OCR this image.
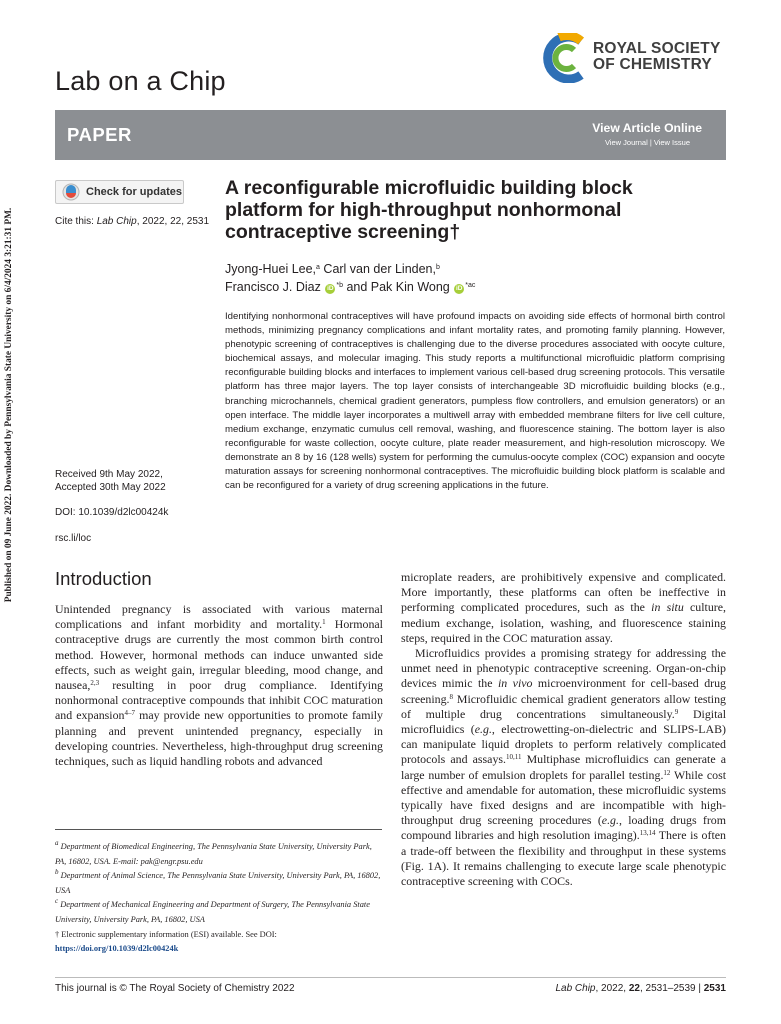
Published on 09 June 2022. Downloaded by Pennsylvania State University on 6/4/2024 3:21:31 PM.
Lab on a Chip
ROYAL SOCIETY
OF CHEMISTRY
PAPER	View Article Online
View Journal | View Issue
Check for updates
Cite this: Lab Chip, 2022, 22, 2531
Received 9th May 2022,
Accepted 30th May 2022
DOI: 10.1039/d2lc00424k
rsc.li/loc
A reconfigurable microfluidic building block platform for high-throughput nonhormonal contraceptive screening†
Jyong-Huei Lee,$^a$ Carl van der Linden,$^b$
Francisco J. Diaz iD $^{*b}$ and Pak Kin Wong iD $^{*ac}$
Identifying nonhormonal contraceptives will have profound impacts on avoiding side effects of hormonal birth control methods, minimizing pregnancy complications and infant mortality rates, and promoting family planning. However, phenotypic screening of contraceptives is challenging due to the diverse procedures associated with oocyte culture, biochemical assays, and molecular imaging. This study reports a multifunctional microfluidic platform comprising reconfigurable building blocks and interfaces to implement various cell-based drug screening protocols. This versatile platform has three major layers. The top layer consists of interchangeable 3D microfluidic building blocks (e.g., branching microchannels, chemical gradient generators, pumpless flow controllers, and emulsion generators) or an open interface. The middle layer incorporates a multiwell array with embedded membrane filters for live cell culture, medium exchange, enzymatic cumulus cell removal, washing, and fluorescence staining. The bottom layer is also reconfigurable for waste collection, oocyte culture, plate reader measurement, and high-resolution microscopy. We demonstrate an 8 by 16 (128 wells) system for performing the cumulus-oocyte complex (COC) expansion and oocyte maturation assays for screening nonhormonal contraceptives. The microfluidic building block platform is scalable and can be reconfigured for a variety of drug screening applications in the future.
Introduction

Unintended pregnancy is associated with various maternal complications and infant morbidity and mortality.$^1$ Hormonal contraceptive drugs are currently the most common birth control method. However, hormonal methods can induce unwanted side effects, such as weight gain, irregular bleeding, mood change, and nausea,$^{2,3}$ resulting in poor drug compliance. Identifying nonhormonal contraceptive compounds that inhibit COC maturation and expansion$^{4-7}$ may provide new opportunities to promote family planning and prevent unintended pregnancy, especially in developing countries. Nevertheless, high-throughput drug screening techniques, such as liquid handling robots and advanced

microplate readers, are prohibitively expensive and complicated. More importantly, these platforms can often be ineffective in performing complicated procedures, such as the in situ culture, medium exchange, isolation, washing, and fluorescence staining steps, required in the COC maturation assay.

Microfluidics provides a promising strategy for addressing the unmet need in phenotypic contraceptive screening. Organ-on-chip devices mimic the in vivo microenvironment for cell-based drug screening.$^8$ Microfluidic chemical gradient generators allow testing of multiple drug concentrations simultaneously.$^9$ Digital microfluidics (e.g., electrowetting-on-dielectric and SLIPS-LAB) can manipulate liquid droplets to perform relatively complicated protocols and assays.$^{10,11}$ Multiphase microfluidics can generate a large number of emulsion droplets for parallel testing.$^{12}$ While cost effective and amendable for automation, these microfluidic systems typically have fixed designs and are incompatible with high-throughput drug screening procedures (e.g., loading drugs from compound libraries and high resolution imaging).$^{13,14}$ There is often a trade-off between the flexibility and throughput in these systems (Fig. 1A). It remains challenging to execute large scale phenotypic contraceptive screening with COCs.

$^a$ Department of Biomedical Engineering, The Pennsylvania State University, University Park, PA, 16802, USA. E-mail: pak@engr.psu.edu
$^b$ Department of Animal Science, The Pennsylvania State University, University Park, PA, 16802, USA
$^c$ Department of Mechanical Engineering and Department of Surgery, The Pennsylvania State University, University Park, PA, 16802, USA
† Electronic supplementary information (ESI) available. See DOI: https://doi.org/10.1039/d2lc00424k
This journal is © The Royal Society of Chemistry 2022	Lab Chip, 2022, 22, 2531–2539 | 2531
